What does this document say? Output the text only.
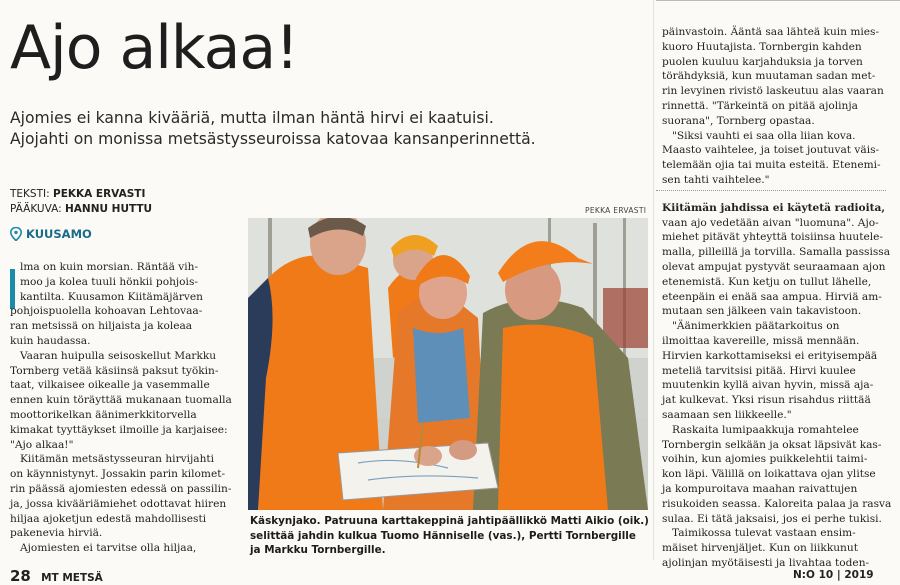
Ajo alkaa!
Ajomies ei kanna kivääriä, mutta ilman häntä hirvi ei kaatuisi.
Ajojahti on monissa metsästysseuroissa katovaa kansanperinnettä.
TEKSTI: PEKKA ERVASTI
PÄÄKUVA: HANNU HUTTU
KUUSAMO

lma on kuin morsian. Räntää vih-

moo ja kolea tuuli hönkii pohjois-

kantilta. Kuusamon Kiitämäjärven

pohjoispuolella kohoavan Lehtovaa-

ran metsissä on hiljaista ja koleaa

kuin haudassa.

Vaaran huipulla seisoskellut Markku

Tornberg vetää käsiinsä paksut työkin-

taat, vilkaisee oikealle ja vasemmalle

ennen kuin töräyttää mukanaan tuomalla

moottorikelkan äänimerkkitorvella

kimakat tyyttäykset ilmoille ja karjaisee:

"Ajo alkaa!"

Kiitämän metsästysseuran hirvijahti

on käynnistynyt. Jossakin parin kilomet-

rin päässä ajomiesten edessä on passilin-

ja, jossa kivääriämiehet odottavat hiiren

hiljaa ajoketjun edestä mahdollisesti

pakenevia hirviä.

Ajomiesten ei tarvitse olla hiljaa,

PEKKA ERVASTI
Käskynjako. Patruuna karttakeppinä jahtipäällikkö Matti Aikio (oik.) selittää jahdin kulkua Tuomo Hänniselle (vas.), Pertti Tornbergille ja Markku Tornbergille.

päinvastoin. Ääntä saa lähteä kuin mies-

kuoro Huutajista. Tornbergin kahden

puolen kuuluu karjahduksia ja torven

törähdyksiä, kun muutaman sadan met-

rin levyinen rivistö laskeutuu alas vaaran

rinnettä. "Tärkeintä on pitää ajolinja

suorana", Tornberg opastaa.

"Siksi vauhti ei saa olla liian kova.

Maasto vaihtelee, ja toiset joutuvat väis-

telemään ojia tai muita esteitä. Etenemi-

sen tahti vaihtelee."

Kiitämän jahdissa ei käytetä radioita,

vaan ajo vedetään aivan "luomuna". Ajo-

miehet pitävät yhteyttä toisiinsa huutele-

malla, pilleillä ja torvilla. Samalla passissa

olevat ampujat pystyvät seuraamaan ajon

etenemistä. Kun ketju on tullut lähelle,

eteenpäin ei enää saa ampua. Hirviä am-

mutaan sen jälkeen vain takavistoon.

"Äänimerkkien päätarkoitus on

ilmoittaa kavereille, missä mennään.

Hirvien karkottamiseksi ei erityisempää

meteliä tarvitsisi pitää. Hirvi kuulee

muutenkin kyllä aivan hyvin, missä aja-

jat kulkevat. Yksi risun risahdus riittää

saamaan sen liikkeelle."

Raskaita lumipaakkuja romahtelee

Tornbergin selkään ja oksat läpsivät kas-

voihin, kun ajomies puikkelehtii taimi-

kon läpi. Välillä on loikattava ojan ylitse

ja kompuroitava maahan raivattujen

risukoiden seassa. Kaloreita palaa ja rasva

sulaa. Ei tätä jaksaisi, jos ei perhe tukisi.

Taimikossa tulevat vastaan ensim-

mäiset hirvenjäljet. Kun on liikkunut

ajolinjan myötäisesti ja livahtaa toden-

28 MT METSÄ	N:O 10 | 2019
